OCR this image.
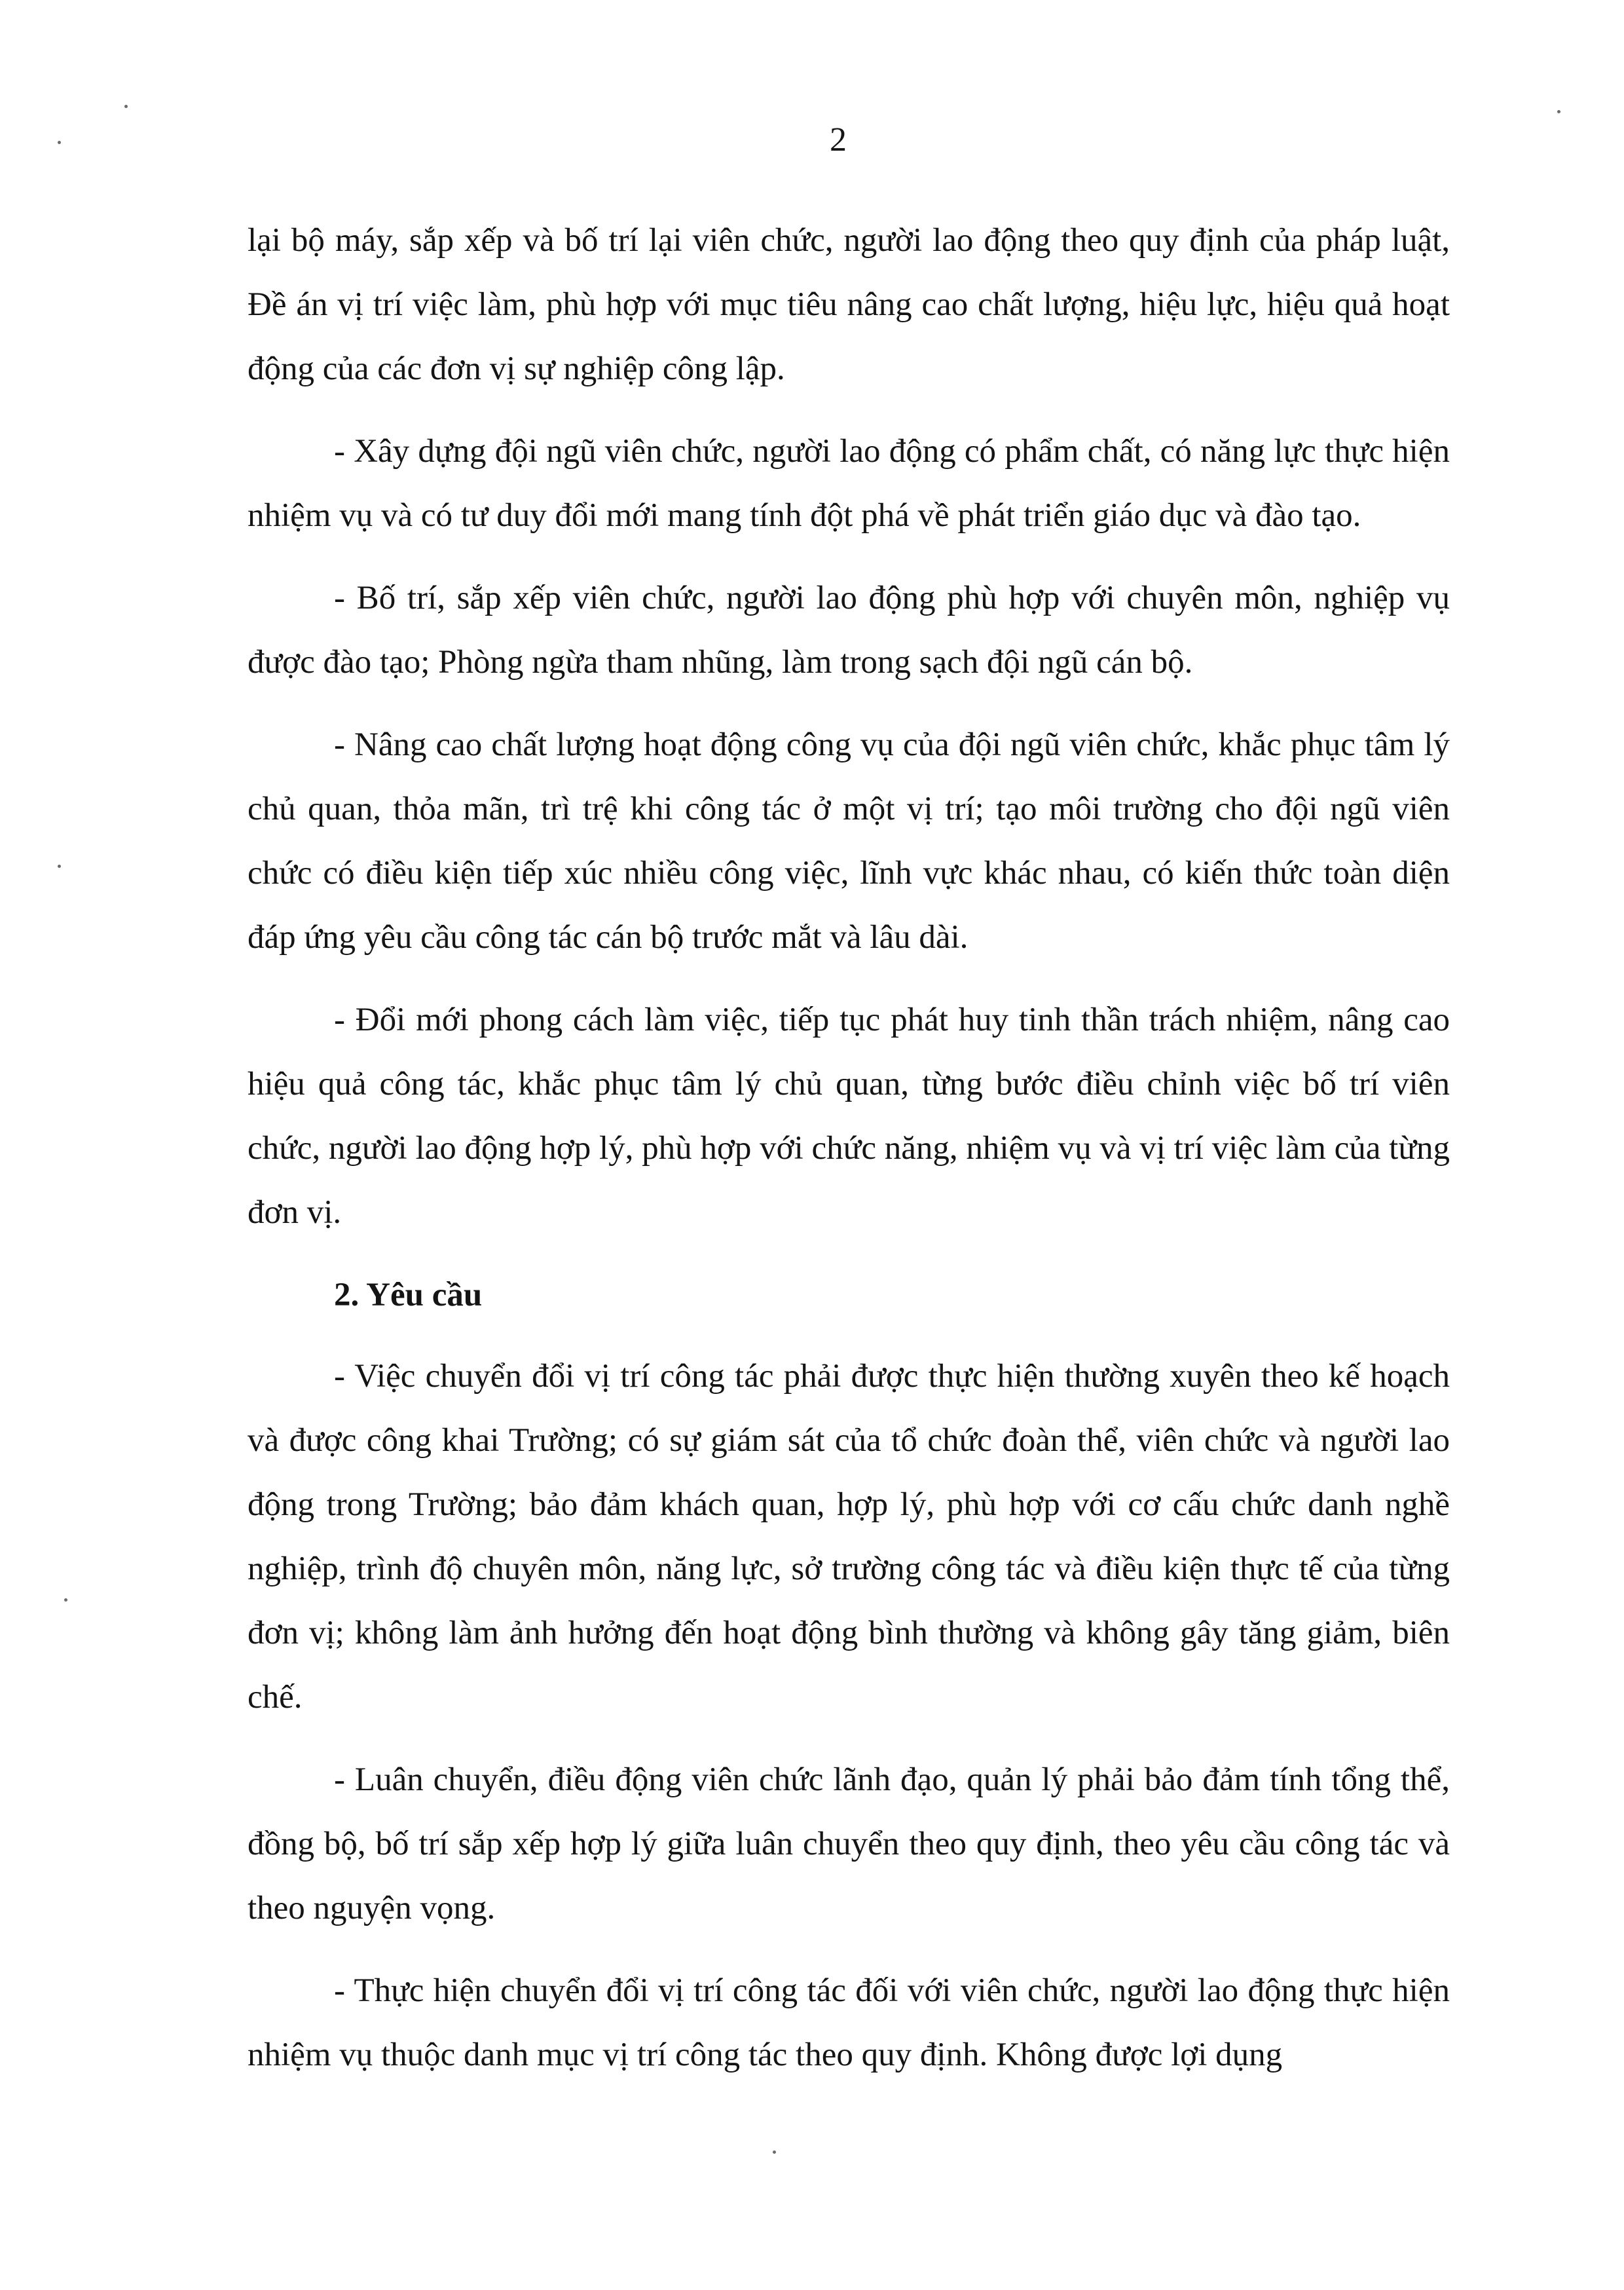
2

lại bộ máy, sắp xếp và bố trí lại viên chức, người lao động theo quy định của pháp luật, Đề án vị trí việc làm, phù hợp với mục tiêu nâng cao chất lượng, hiệu lực, hiệu quả hoạt động của các đơn vị sự nghiệp công lập.

- Xây dựng đội ngũ viên chức, người lao động có phẩm chất, có năng lực thực hiện nhiệm vụ và có tư duy đổi mới mang tính đột phá về phát triển giáo dục và đào tạo.

- Bố trí, sắp xếp viên chức, người lao động phù hợp với chuyên môn, nghiệp vụ được đào tạo; Phòng ngừa tham nhũng, làm trong sạch đội ngũ cán bộ.

- Nâng cao chất lượng hoạt động công vụ của đội ngũ viên chức, khắc phục tâm lý chủ quan, thỏa mãn, trì trệ khi công tác ở một vị trí; tạo môi trường cho đội ngũ viên chức có điều kiện tiếp xúc nhiều công việc, lĩnh vực khác nhau, có kiến thức toàn diện đáp ứng yêu cầu công tác cán bộ trước mắt và lâu dài.

- Đổi mới phong cách làm việc, tiếp tục phát huy tinh thần trách nhiệm, nâng cao hiệu quả công tác, khắc phục tâm lý chủ quan, từng bước điều chỉnh việc bố trí viên chức, người lao động hợp lý, phù hợp với chức năng, nhiệm vụ và vị trí việc làm của từng đơn vị.

2. Yêu cầu

- Việc chuyển đổi vị trí công tác phải được thực hiện thường xuyên theo kế hoạch và được công khai Trường; có sự giám sát của tổ chức đoàn thể, viên chức và người lao động trong Trường; bảo đảm khách quan, hợp lý, phù hợp với cơ cấu chức danh nghề nghiệp, trình độ chuyên môn, năng lực, sở trường công tác và điều kiện thực tế của từng đơn vị; không làm ảnh hưởng đến hoạt động bình thường và không gây tăng giảm, biên chế.

- Luân chuyển, điều động viên chức lãnh đạo, quản lý phải bảo đảm tính tổng thể, đồng bộ, bố trí sắp xếp hợp lý giữa luân chuyển theo quy định, theo yêu cầu công tác và theo nguyện vọng.

- Thực hiện chuyển đổi vị trí công tác đối với viên chức, người lao động thực hiện nhiệm vụ thuộc danh mục vị trí công tác theo quy định. Không được lợi dụng
